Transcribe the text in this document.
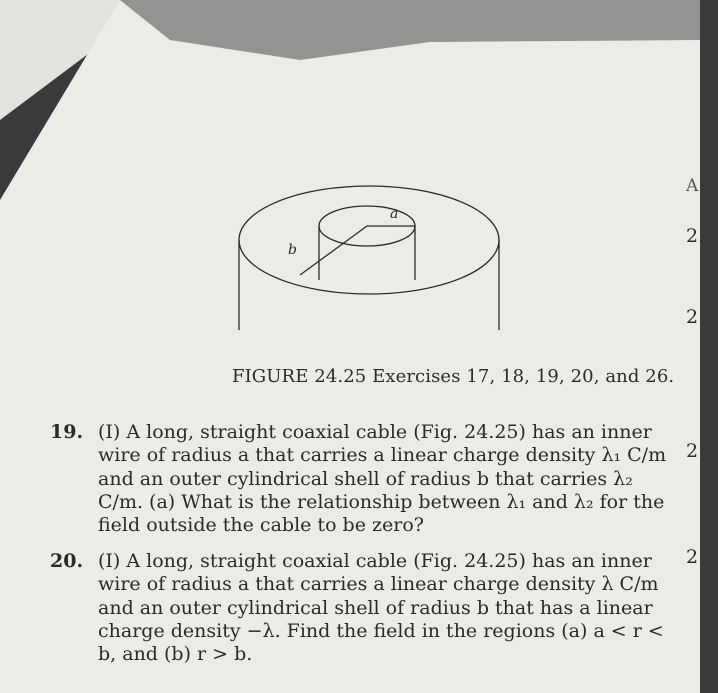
a
b
FIGURE 24.25 Exercises 17, 18, 19, 20, and 26.
19. (I) A long, straight coaxial cable (Fig. 24.25) has an inner
wire of radius a that carries a linear charge density λ₁ C/m
and an outer cylindrical shell of radius b that carries λ₂
C/m. (a) What is the relationship between λ₁ and λ₂ for the
field outside the cable to be zero?
20. (I) A long, straight coaxial cable (Fig. 24.25) has an inner
wire of radius a that carries a linear charge density λ C/m
and an outer cylindrical shell of radius b that has a linear
charge density −λ. Find the field in the regions (a) a < r <
b, and (b) r > b.
A
2.
2
2
2
